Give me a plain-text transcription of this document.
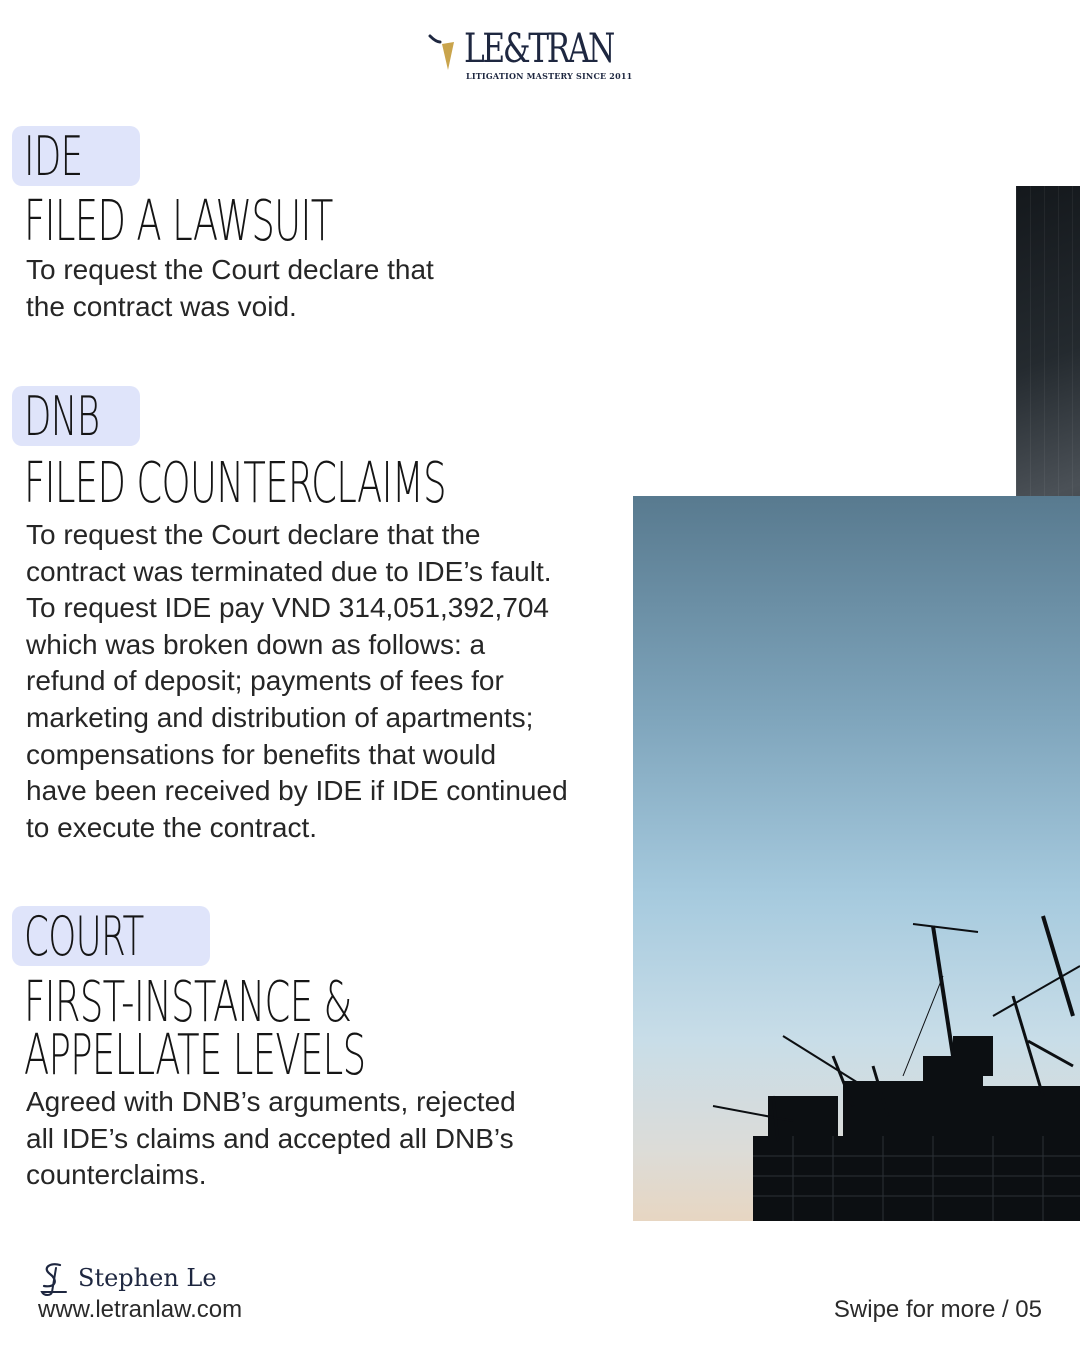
LE&TRAN
LITIGATION MASTERY SINCE 2011
IDE
FILED A LAWSUIT

To request the Court declare that
the contract was void.

DNB
FILED COUNTERCLAIMS

To request the Court declare that the
contract was terminated due to IDE’s fault.
To request IDE pay VND 314,051,392,704
which was broken down as follows: a
refund of deposit; payments of fees for
marketing and distribution of apartments;
compensations for benefits that would
have been received by IDE if IDE continued
to execute the contract.

COURT
FIRST-INSTANCE &
APPELLATE LEVELS

Agreed with DNB’s arguments, rejected
all IDE’s claims and accepted all DNB’s
counterclaims.

Stephen Le
www.letranlaw.com	Swipe for more / 05
